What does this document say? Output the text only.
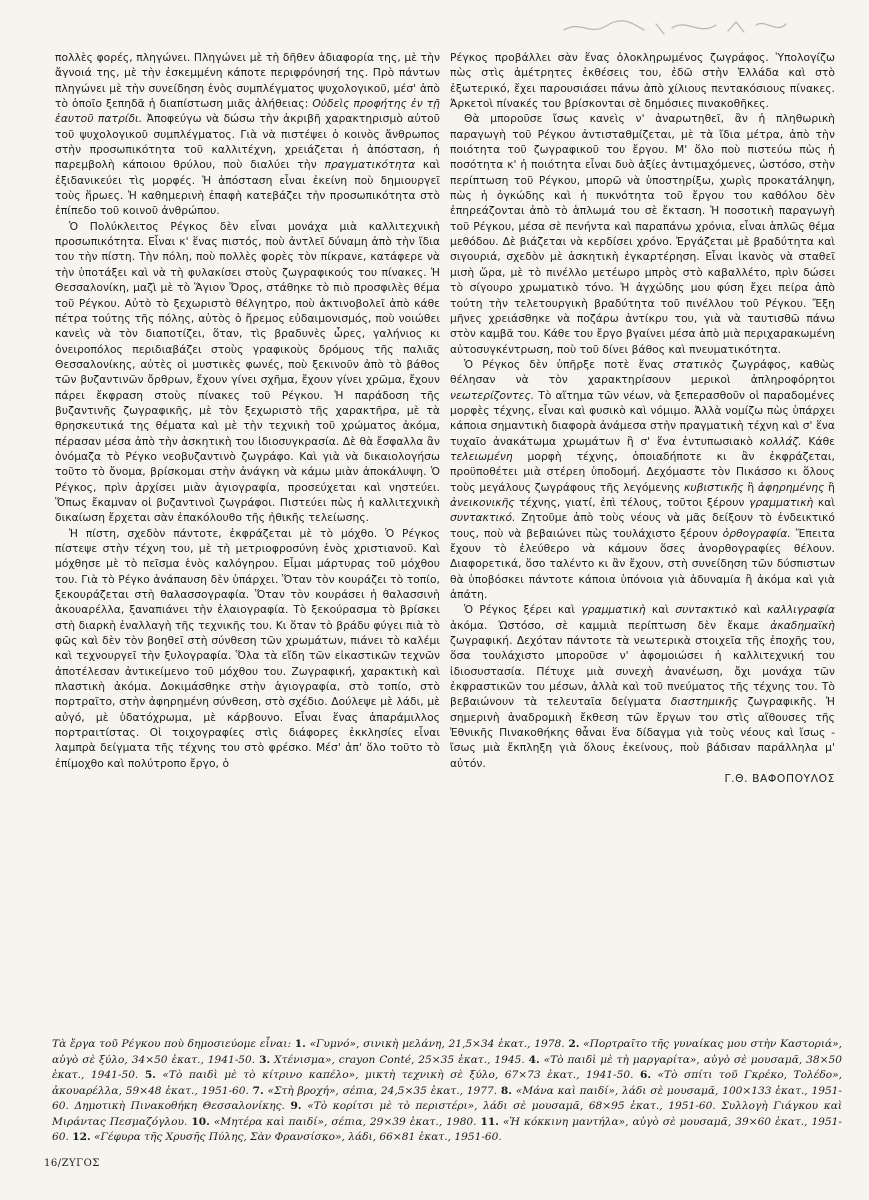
πολλὲς φορές, πληγώνει. Πληγώνει μὲ τὴ δῆθεν ἀδιαφορία της, μὲ τὴν ἄγνοιά της, μὲ τὴν ἐσκεμμένη κάποτε περιφρόνησή της. Πρὸ πάντων πληγώνει μὲ τὴν συνείδηση ἑνὸς συμπλέγματος ψυχολογικοῦ, μέσ' ἀπὸ τὸ ὁποῖο ξεπηδᾶ ἡ διαπίστωση μιᾶς ἀλήθειας: Οὐδεὶς προφήτης ἐν τῇ ἑαυτοῦ πατρίδι. Ἀποφεύγω νὰ δώσω τὴν ἀκριβῆ χαρακτηρισμὸ αὐτοῦ τοῦ ψυχολογικοῦ συμπλέγματος. Γιὰ νὰ πιστέψει ὁ κοινὸς ἄνθρωπος στὴν προσωπικότητα τοῦ καλλιτέχνη, χρειάζεται ἡ ἀπόσταση, ἡ παρεμβολὴ κάποιου θρύλου, ποὺ διαλύει τὴν πραγματικότητα καὶ ἐξιδανικεύει τὶς μορφές. Ἡ ἀπόσταση εἶναι ἐκείνη ποὺ δημιουργεῖ τοὺς ἥρωες. Ἡ καθημερινὴ ἐπαφὴ κατεβάζει τὴν προσωπικότητα στὸ ἐπίπεδο τοῦ κοινοῦ ἀνθρώπου.

Ὁ Πολύκλειτος Ρέγκος δὲν εἶναι μονάχα μιὰ καλλιτεχνικὴ προσωπικότητα. Εἶναι κ' ἕνας πιστός, ποὺ ἀντλεῖ δύναμη ἀπὸ τὴν ἴδια του τὴν πίστη. Τὴν πόλη, ποὺ πολλὲς φορὲς τὸν πίκρανε, κατάφερε νὰ τὴν ὑποτάξει καὶ νὰ τὴ φυλακίσει στοὺς ζωγραφικούς του πίνακες. Ἡ Θεσσαλονίκη, μαζὶ μὲ τὸ Ἅγιον Ὄρος, στάθηκε τὸ πιὸ προσφιλὲς θέμα τοῦ Ρέγκου. Αὐτὸ τὸ ξεχωριστὸ θέλγητρο, ποὺ ἀκτινοβολεῖ ἀπὸ κάθε πέτρα τούτης τῆς πόλης, αὐτὸς ὁ ἤρεμος εὐδαιμονισμός, ποὺ νοιώθει κανεὶς νὰ τὸν διαποτίζει, ὅταν, τὶς βραδυνὲς ὧρες, γαλήνιος κι ὀνειροπόλος περιδιαβάζει στοὺς γραφικοὺς δρόμους τῆς παλιᾶς Θεσσαλονίκης, αὐτὲς οἱ μυστικὲς φωνές, ποὺ ξεκινοῦν ἀπὸ τὸ βάθος τῶν βυζαντινῶν ὄρθρων, ἔχουν γίνει σχῆμα, ἔχουν γίνει χρῶμα, ἔχουν πάρει ἔκφραση στοὺς πίνακες τοῦ Ρέγκου. Ἡ παράδοση τῆς βυζαντινῆς ζωγραφικῆς, μὲ τὸν ξεχωριστὸ τῆς χαρακτῆρα, μὲ τὰ θρησκευτικά της θέματα καὶ μὲ τὴν τεχνικὴ τοῦ χρώματος ἀκόμα, πέρασαν μέσα ἀπὸ τὴν ἀσκητικὴ του ἰδιοσυγκρασία. Δὲ θὰ ἔσφαλλα ἂν ὀνόμαζα τὸ Ρέγκο νεοβυζαντινὸ ζωγράφο. Καὶ γιὰ νὰ δικαιολογήσω τοῦτο τὸ ὄνομα, βρίσκομαι στὴν ἀνάγκη νὰ κάμω μιὰν ἀποκάλυψη. Ὁ Ρέγκος, πρὶν ἀρχίσει μιὰν ἁγιογραφία, προσεύχεται καὶ νηστεύει. Ὅπως ἔκαμναν οἱ βυζαντινοὶ ζωγράφοι. Πιστεύει πὼς ἡ καλλιτεχνικὴ δικαίωση ἔρχεται σὰν ἐπακόλουθο τῆς ἠθικῆς τελείωσης.

Ἡ πίστη, σχεδὸν πάντοτε, ἐκφράζεται μὲ τὸ μόχθο. Ὁ Ρέγκος πίστεψε στὴν τέχνη του, μὲ τὴ μετριοφροσύνη ἑνὸς χριστιανοῦ. Καὶ μόχθησε μὲ τὸ πεῖσμα ἑνὸς καλόγηρου. Εἶμαι μάρτυρας τοῦ μόχθου του. Γιὰ τὸ Ρέγκο ἀνάπαυση δὲν ὑπάρχει. Ὅταν τὸν κουράζει τὸ τοπίο, ξεκουράζεται στὴ θαλασσογραφία. Ὅταν τὸν κουράσει ἡ θαλασσινὴ ἀκουαρέλλα, ξαναπιάνει τὴν ἐλαιογραφία. Τὸ ξεκούρασμα τὸ βρίσκει στὴ διαρκὴ ἐναλλαγὴ τῆς τεχνικῆς του. Κι ὅταν τὸ βράδυ φύγει πιὰ τὸ φῶς καὶ δὲν τὸν βοηθεῖ στὴ σύνθεση τῶν χρωμάτων, πιάνει τὸ καλέμι καὶ τεχνουργεῖ τὴν ξυλογραφία. Ὅλα τὰ εἴδη τῶν εἰκαστικῶν τεχνῶν ἀποτέλεσαν ἀντικείμενο τοῦ μόχθου του. Ζωγραφική, χαρακτικὴ καὶ πλαστικὴ ἀκόμα. Δοκιμάσθηκε στὴν ἁγιογραφία, στὸ τοπίο, στὸ πορτραῖτο, στὴν ἀφηρημένη σύνθεση, στὸ σχέδιο. Δούλεψε μὲ λάδι, μὲ αὐγό, μὲ ὑδατόχρωμα, μὲ κάρβουνο. Εἶναι ἕνας ἀπαράμιλλος πορτραιτίστας. Οἱ τοιχογραφίες στὶς διάφορες ἐκκλησίες εἶναι λαμπρὰ δείγματα τῆς τέχνης του στὸ φρέσκο. Μέσ' ἀπ' ὅλο τοῦτο τὸ ἐπίμοχθο καὶ πολύτροπο ἔργο, ὁ

Ρέγκος προβάλλει σὰν ἕνας ὁλοκληρωμένος ζωγράφος. Ὑπολογίζω πὼς στὶς ἀμέτρητες ἐκθέσεις του, ἐδῶ στὴν Ἑλλάδα καὶ στὸ ἐξωτερικό, ἔχει παρουσιάσει πάνω ἀπὸ χίλιους πεντακόσιους πίνακες. Ἀρκετοὶ πίνακές του βρίσκονται σὲ δημόσιες πινακοθῆκες.

Θὰ μποροῦσε ἴσως κανεὶς ν' ἀναρωτηθεῖ, ἂν ἡ πληθωρικὴ παραγωγὴ τοῦ Ρέγκου ἀντισταθμίζεται, μὲ τὰ ἴδια μέτρα, ἀπὸ τὴν ποιότητα τοῦ ζωγραφικοῦ του ἔργου. Μ' ὅλο ποὺ πιστεύω πὼς ἡ ποσότητα κ' ἡ ποιότητα εἶναι δυὸ ἀξίες ἀντιμαχόμενες, ὡστόσο, στὴν περίπτωση τοῦ Ρέγκου, μπορῶ νὰ ὑποστηρίξω, χωρὶς προκατάληψη, πὼς ἡ ὀγκώδης καὶ ἡ πυκνότητα τοῦ ἔργου του καθόλου δὲν ἐπηρεάζονται ἀπὸ τὸ ἁπλωμά του σὲ ἔκταση. Ἡ ποσοτικὴ παραγωγὴ τοῦ Ρέγκου, μέσα σὲ πενήντα καὶ παραπάνω χρόνια, εἶναι ἁπλῶς θέμα μεθόδου. Δὲ βιάζεται νὰ κερδίσει χρόνο. Ἐργάζεται μὲ βραδύτητα καὶ σιγουριά, σχεδὸν μὲ ἀσκητικὴ ἐγκαρτέρηση. Εἶναι ἱκανὸς νὰ σταθεῖ μισὴ ὥρα, μὲ τὸ πινέλλο μετέωρο μπρὸς στὸ καβαλλέτο, πρὶν δώσει τὸ σίγουρο χρωματικὸ τόνο. Ἡ ἀγχώδης μου φύση ἔχει πείρα ἀπὸ τούτη τὴν τελετουργικὴ βραδύτητα τοῦ πινέλλου τοῦ Ρέγκου. Ἔξη μῆνες χρειάσθηκε νὰ ποζάρω ἀντίκρυ του, γιὰ νὰ ταυτισθῶ πάνω στὸν καμβᾶ του. Κάθε του ἔργο βγαίνει μέσα ἀπὸ μιὰ περιχαρακωμένη αὐτοσυγκέντρωση, ποὺ τοῦ δίνει βάθος καὶ πνευματικότητα.

Ὁ Ρέγκος δὲν ὑπῆρξε ποτὲ ἕνας στατικὸς ζωγράφος, καθὼς θέλησαν νὰ τὸν χαρακτηρίσουν μερικοὶ ἀπληροφόρητοι νεωτερίζοντες. Τὸ αἴτημα τῶν νέων, νὰ ξεπερασθοῦν οἱ παραδομένες μορφὲς τέχνης, εἶναι καὶ φυσικὸ καὶ νόμιμο. Ἀλλὰ νομίζω πὼς ὑπάρχει κάποια σημαντικὴ διαφορὰ ἀνάμεσα στὴν πραγματικὴ τέχνη καὶ σ' ἕνα τυχαῖο ἀνακάτωμα χρωμάτων ἢ σ' ἕνα ἐντυπωσιακὸ κολλάζ. Κάθε τελειωμένη μορφὴ τέχνης, ὁποιαδήποτε κι ἂν ἐκφράζεται, προϋποθέτει μιὰ στέρεη ὑποδομή. Δεχόμαστε τὸν Πικάσσο κι ὅλους τοὺς μεγάλους ζωγράφους τῆς λεγόμενης κυβιστικῆς ἢ ἀφηρημένης ἢ ἀνεικονικῆς τέχνης, γιατί, ἐπὶ τέλους, τοῦτοι ξέρουν γραμματικὴ καὶ συντακτικό. Ζητοῦμε ἀπὸ τοὺς νέους νὰ μᾶς δείξουν τὸ ἐνδεικτικό τους, ποὺ νὰ βεβαιώνει πὼς τουλάχιστο ξέρουν ὀρθογραφία. Ἔπειτα ἔχουν τὸ ἐλεύθερο νὰ κάμουν ὅσες ἀνορθογραφίες θέλουν. Διαφορετικά, ὅσο ταλέντο κι ἂν ἔχουν, στὴ συνείδηση τῶν δύσπιστων θὰ ὑποβόσκει πάντοτε κάποια ὑπόνοια γιὰ ἀδυναμία ἢ ἀκόμα καὶ γιὰ ἀπάτη.

Ὁ Ρέγκος ξέρει καὶ γραμματικὴ καὶ συντακτικὸ καὶ καλλιγραφία ἀκόμα. Ὡστόσο, σὲ καμμιὰ περίπτωση δὲν ἔκαμε ἀκαδημαϊκὴ ζωγραφική. Δεχόταν πάντοτε τὰ νεωτερικὰ στοιχεῖα τῆς ἐποχῆς του, ὅσα τουλάχιστο μποροῦσε ν' ἀφομοιώσει ἡ καλλιτεχνική του ἰδιοσυστασία. Πέτυχε μιὰ συνεχὴ ἀνανέωση, ὄχι μονάχα τῶν ἐκφραστικῶν του μέσων, ἀλλὰ καὶ τοῦ πνεύματος τῆς τέχνης του. Τὸ βεβαιώνουν τὰ τελευταῖα δείγματα διαστημικῆς ζωγραφικῆς. Ἡ σημερινὴ ἀναδρομικὴ ἔκθεση τῶν ἔργων του στὶς αἴθουσες τῆς Ἐθνικῆς Πινακοθήκης θἆναι ἕνα δίδαγμα γιὰ τοὺς νέους καὶ ἴσως - ἴσως μιὰ ἔκπληξη γιὰ ὅλους ἐκείνους, ποὺ βάδισαν παράλληλα μ' αὐτόν.

Γ.Θ. ΒΑΦΟΠΟΥΛΟΣ

Τὰ ἔργα τοῦ Ρέγκου ποὺ δημοσιεύομε εἶναι: 1. «Γυμνό», σινικὴ μελάνη, 21,5×34 ἑκατ., 1978. 2. «Πορτραῖτο τῆς γυναίκας μου στὴν Καστοριά», αὐγὸ σὲ ξύλο, 34×50 ἑκατ., 1941-50. 3. Χτένισμα», crayon Conté, 25×35 ἑκατ., 1945. 4. «Τὸ παιδὶ μὲ τὴ μαργαρίτα», αὐγὸ σὲ μουσαμᾶ, 38×50 ἑκατ., 1941-50. 5. «Τὸ παιδὶ μὲ τὸ κίτρινο καπέλο», μικτὴ τεχνικὴ σὲ ξύλο, 67×73 ἑκατ., 1941-50. 6. «Τὸ σπίτι τοῦ Γκρέκο, Τολέδο», ἀκουαρέλλα, 59×48 ἑκατ., 1951-60. 7. «Στὴ βροχή», σέπια, 24,5×35 ἑκατ., 1977. 8. «Μάνα καὶ παιδί», λάδι σὲ μουσαμᾶ, 100×133 ἑκατ., 1951-60. Δημοτικὴ Πινακοθήκη Θεσσαλονίκης. 9. «Τὸ κορίτσι μὲ τὸ περιστέρι», λάδι σὲ μουσαμᾶ, 68×95 ἑκατ., 1951-60. Συλλογὴ Γιάγκου καὶ Μιράντας Πεσμαζόγλου. 10. «Μητέρα καὶ παιδί», σέπια, 29×39 ἑκατ., 1980. 11. «Ἡ κόκκινη μαντήλα», αὐγὸ σὲ μουσαμᾶ, 39×60 ἑκατ., 1951-60. 12. «Γέφυρα τῆς Χρυσῆς Πύλης, Σὰν Φρανσίσκο», λάδι, 66×81 ἑκατ., 1951-60.
16/ΖΥΓΟΣ
